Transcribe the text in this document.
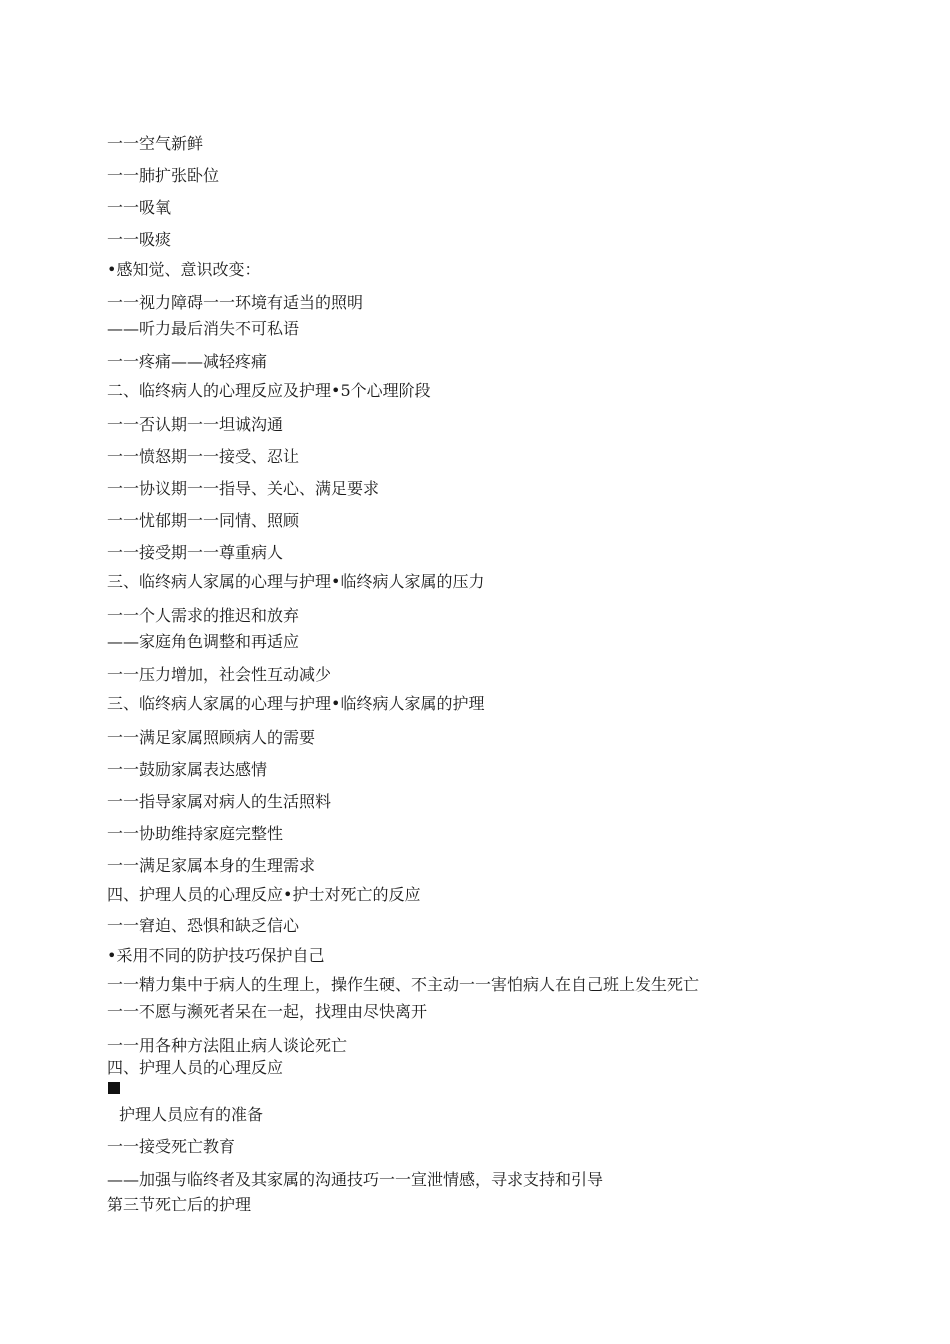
一一空气新鲜
一一肺扩张卧位
一一吸氧
一一吸痰
•感知觉、意识改变：
一一视力障碍一一环境有适当的照明
——听力最后消失不可私语
一一疼痛——减轻疼痛
二、临终病人的心理反应及护理•5个心理阶段
一一否认期一一坦诚沟通
一一愤怒期一一接受、忍让
一一协议期一一指导、关心、满足要求
一一忧郁期一一同情、照顾
一一接受期一一尊重病人
三、临终病人家属的心理与护理•临终病人家属的压力
一一个人需求的推迟和放弃
——家庭角色调整和再适应
一一压力增加，社会性互动减少
三、临终病人家属的心理与护理•临终病人家属的护理
一一满足家属照顾病人的需要
一一鼓励家属表达感情
一一指导家属对病人的生活照料
一一协助维持家庭完整性
一一满足家属本身的生理需求
四、护理人员的心理反应•护士对死亡的反应
一一窘迫、恐惧和缺乏信心
•采用不同的防护技巧保护自己
一一精力集中于病人的生理上，操作生硬、不主动一一害怕病人在自己班上发生死亡
一一不愿与濒死者呆在一起，找理由尽快离开
一一用各种方法阻止病人谈论死亡
四、护理人员的心理反应
护理人员应有的准备
一一接受死亡教育
——加强与临终者及其家属的沟通技巧一一宣泄情感，寻求支持和引导
第三节死亡后的护理
